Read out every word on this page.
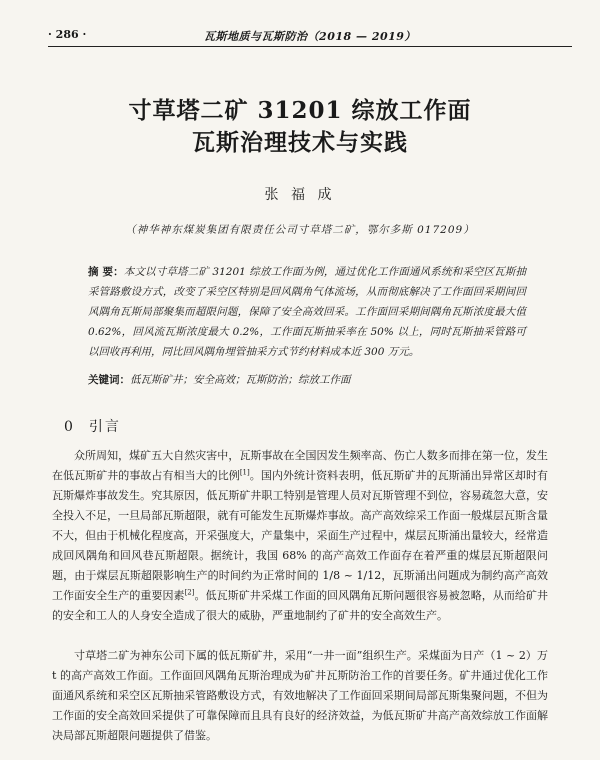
· 286 ·	瓦斯地质与瓦斯防治（2018 — 2019）
寸草塔二矿 31201 综放工作面
瓦斯治理技术与实践
张 福 成
（神华神东煤炭集团有限责任公司寸草塔二矿，鄂尔多斯 017209）
摘 要：本文以寸草塔二矿 31201 综放工作面为例，通过优化工作面通风系统和采空区瓦斯抽采管路敷设方式，改变了采空区特别是回风隅角气体流场，从而彻底解决了工作面回采期间回风隅角瓦斯局部聚集而超限问题，保障了安全高效回采。工作面回采期间隅角瓦斯浓度最大值 0.62%，回风流瓦斯浓度最大 0.2%，工作面瓦斯抽采率在 50% 以上，同时瓦斯抽采管路可以回收再利用，同比回风隅角埋管抽采方式节约材料成本近 300 万元。
关键词：低瓦斯矿井；安全高效；瓦斯防治；综放工作面
0 引言
众所周知，煤矿五大自然灾害中，瓦斯事故在全国因发生频率高、伤亡人数多而排在第一位，发生在低瓦斯矿井的事故占有相当大的比例[1]。国内外统计资料表明，低瓦斯矿井的瓦斯涌出异常区却时有瓦斯爆炸事故发生。究其原因，低瓦斯矿井职工特别是管理人员对瓦斯管理不到位，容易疏忽大意，安全投入不足，一旦局部瓦斯超限，就有可能发生瓦斯爆炸事故。高产高效综采工作面一般煤层瓦斯含量不大，但由于机械化程度高，开采强度大，产量集中，采面生产过程中，煤层瓦斯涌出量较大，经常造成回风隅角和回风巷瓦斯超限。据统计，我国 68% 的高产高效工作面存在着严重的煤层瓦斯超限问题，由于煤层瓦斯超限影响生产的时间约为正常时间的 1/8 ~ 1/12，瓦斯涌出问题成为制约高产高效工作面安全生产的重要因素[2]。低瓦斯矿井采煤工作面的回风隅角瓦斯问题很容易被忽略，从而给矿井的安全和工人的人身安全造成了很大的威胁，严重地制约了矿井的安全高效生产。
寸草塔二矿为神东公司下属的低瓦斯矿井，采用“一井一面”组织生产。采煤面为日产（1 ~ 2）万 t 的高产高效工作面。工作面回风隅角瓦斯治理成为矿井瓦斯防治工作的首要任务。矿井通过优化工作面通风系统和采空区瓦斯抽采管路敷设方式，有效地解决了工作面回采期间局部瓦斯集聚问题，不但为工作面的安全高效回采提供了可靠保障而且具有良好的经济效益，为低瓦斯矿井高产高效综放工作面解决局部瓦斯超限问题提供了借鉴。
